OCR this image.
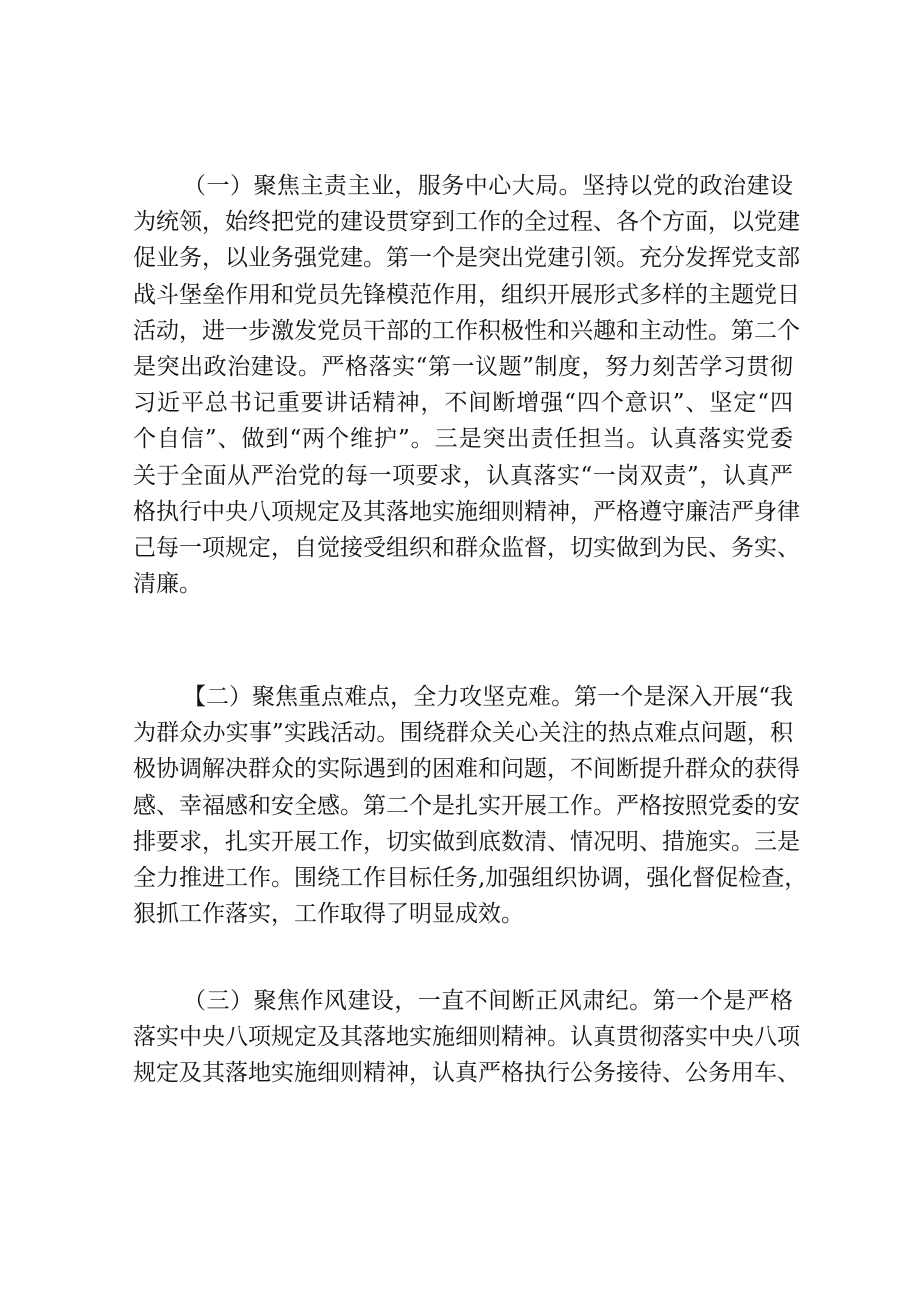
（一）聚焦主责主业，服务中心大局。坚持以党的政治建设
为统领，始终把党的建设贯穿到工作的全过程、各个方面，以党建
促业务，以业务强党建。第一个是突出党建引领。充分发挥党支部
战斗堡垒作用和党员先锋模范作用，组织开展形式多样的主题党日
活动，进一步激发党员干部的工作积极性和兴趣和主动性。第二个
是突出政治建设。严格落实“第一议题”制度，努力刻苦学习贯彻
习近平总书记重要讲话精神，不间断增强“四个意识”、坚定“四
个自信”、做到“两个维护”。三是突出责任担当。认真落实党委
关于全面从严治党的每一项要求，认真落实“一岗双责”，认真严
格执行中央八项规定及其落地实施细则精神，严格遵守廉洁严身律
己每一项规定，自觉接受组织和群众监督，切实做到为民、务实、
清廉。
【二）聚焦重点难点，全力攻坚克难。第一个是深入开展“我
为群众办实事”实践活动。围绕群众关心关注的热点难点问题，积
极协调解决群众的实际遇到的困难和问题，不间断提升群众的获得
感、幸福感和安全感。第二个是扎实开展工作。严格按照党委的安
排要求，扎实开展工作，切实做到底数清、情况明、措施实。三是
全力推进工作。围绕工作目标任务,加强组织协调，强化督促检查，
狠抓工作落实，工作取得了明显成效。
（三）聚焦作风建设，一直不间断正风肃纪。第一个是严格
落实中央八项规定及其落地实施细则精神。认真贯彻落实中央八项
规定及其落地实施细则精神，认真严格执行公务接待、公务用车、
